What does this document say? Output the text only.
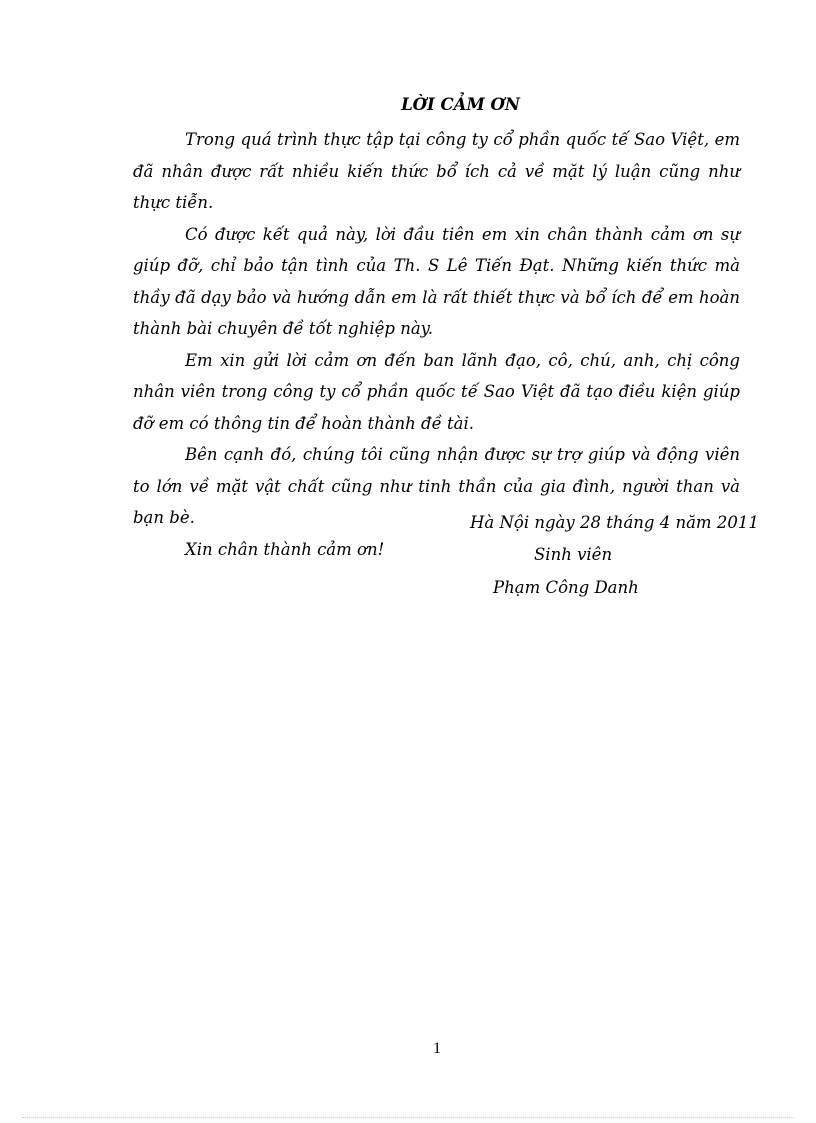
LỜI CẢM ƠN

Trong quá trình thực tập tại công ty cổ phần quốc tế Sao Việt, em đã nhân được rất nhiều kiến thức bổ ích cả về mặt lý luận cũng như thực tiễn.

Có được kết quả này, lời đầu tiên em xin chân thành cảm ơn sự giúp đỡ, chỉ bảo tận tình của Th. S Lê Tiến Đạt. Những kiến thức mà thầy đã dạy bảo và hướng dẫn em là rất thiết thực và bổ ích để em hoàn thành bài chuyên đề tốt nghiệp này.

Em xin gửi lời cảm ơn đến ban lãnh đạo, cô, chú, anh, chị công nhân viên trong công ty cổ phần quốc tế Sao Việt đã tạo điều kiện giúp đỡ em có thông tin để hoàn thành đề tài.

Bên cạnh đó, chúng tôi cũng nhận được sự trợ giúp và động viên to lớn về mặt vật chất cũng như tinh thần của gia đình, người than và bạn bè.

Xin chân thành cảm ơn!

Hà Nội ngày 28 tháng 4 năm 2011
Sinh viên
Phạm Công Danh
1
